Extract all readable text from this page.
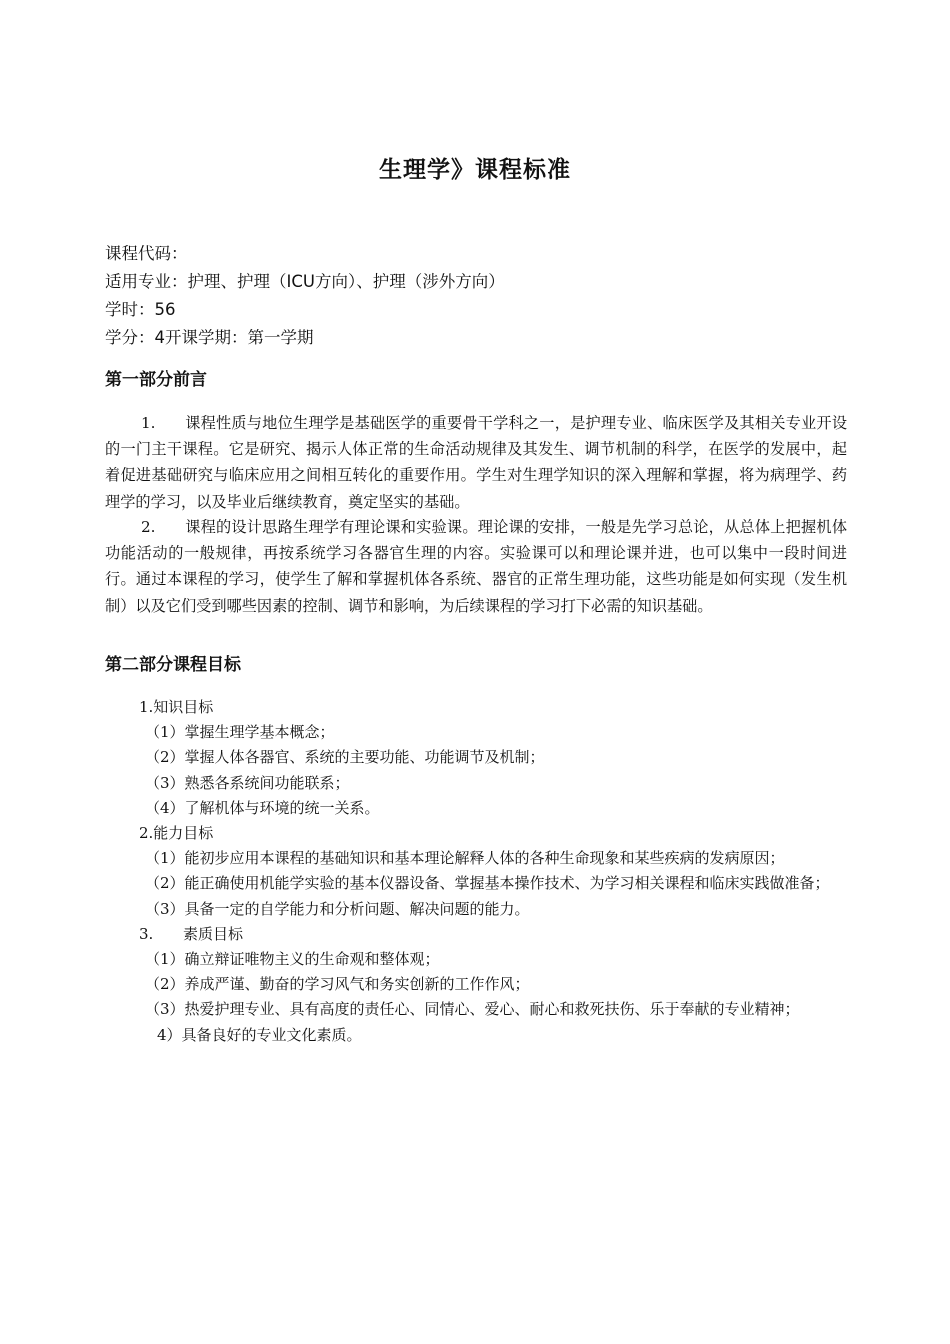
生理学》课程标准
课程代码：
适用专业：护理、护理（ICU方向）、护理（涉外方向）
学时：56
学分：4开课学期：第一学期
第一部分前言
1. 课程性质与地位生理学是基础医学的重要骨干学科之一，是护理专业、临床医学及其相关专业开设的一门主干课程。它是研究、揭示人体正常的生命活动规律及其发生、调节机制的科学，在医学的发展中，起着促进基础研究与临床应用之间相互转化的重要作用。学生对生理学知识的深入理解和掌握，将为病理学、药理学的学习，以及毕业后继续教育，奠定坚实的基础。
2. 课程的设计思路生理学有理论课和实验课。理论课的安排，一般是先学习总论，从总体上把握机体功能活动的一般规律，再按系统学习各器官生理的内容。实验课可以和理论课并进，也可以集中一段时间进行。通过本课程的学习，使学生了解和掌握机体各系统、器官的正常生理功能，这些功能是如何实现（发生机制）以及它们受到哪些因素的控制、调节和影响，为后续课程的学习打下必需的知识基础。
第二部分课程目标
1.知识目标
（1）掌握生理学基本概念；
（2）掌握人体各器官、系统的主要功能、功能调节及机制；
（3）熟悉各系统间功能联系；
（4）了解机体与环境的统一关系。
2.能力目标
（1）能初步应用本课程的基础知识和基本理论解释人体的各种生命现象和某些疾病的发病原因；
（2）能正确使用机能学实验的基本仪器设备、掌握基本操作技术、为学习相关课程和临床实践做准备；
（3）具备一定的自学能力和分析问题、解决问题的能力。
3. 素质目标
（1）确立辩证唯物主义的生命观和整体观；
（2）养成严谨、勤奋的学习风气和务实创新的工作作风；
（3）热爱护理专业、具有高度的责任心、同情心、爱心、耐心和救死扶伤、乐于奉献的专业精神；
4）具备良好的专业文化素质。
